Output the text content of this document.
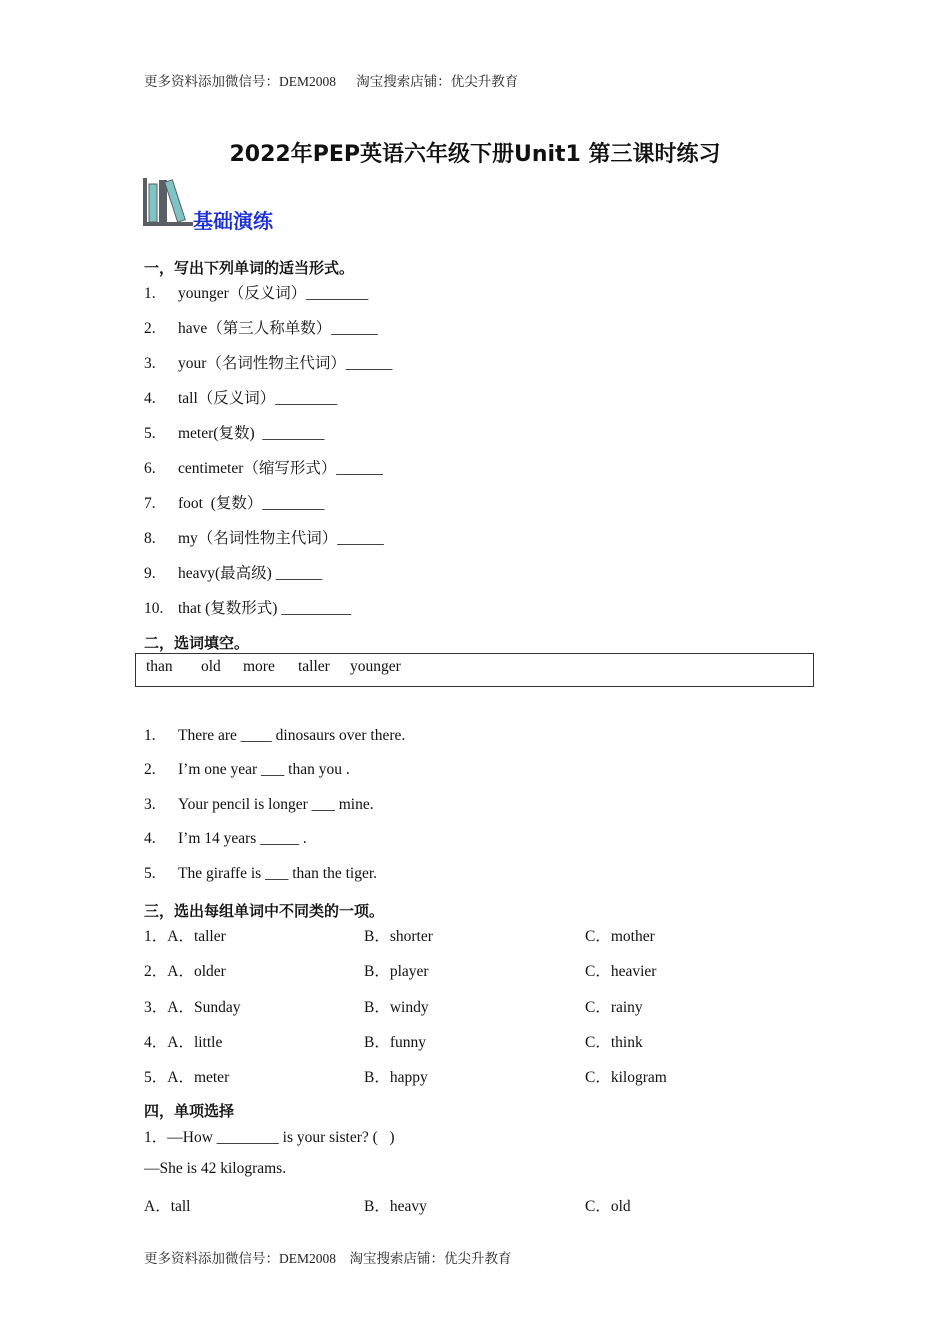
更多资料添加微信号：DEM2008      淘宝搜索店铺：优尖升教育
2022年PEP英语六年级下册Unit1 第三课时练习
基础演练
一，写出下列单词的适当形式。
1. younger（反义词）________
2. have（第三人称单数）______
3. your（名词性物主代词）______
4. tall（反义词）________
5. meter(复数)  ________
6. centimeter（缩写形式）______
7. foot  (复数）________
8. my（名词性物主代词）______
9. heavy(最高级) ______
10. that (复数形式) _________
二，选词填空。
than old more taller younger
1. There are ____ dinosaurs over there.
2. I’m one year ___ than you .
3. Your pencil is longer ___ mine.
4. I’m 14 years _____ .
5. The giraffe is ___ than the tiger.
三，选出每组单词中不同类的一项。
1．A．taller	B．shorter	C．mother
2．A．older	B．player	C．heavier
3．A．Sunday	B．windy	C．rainy
4．A．little	B．funny	C．think
5．A．meter	B．happy	C．kilogram
四，单项选择
1．—How ________ is your sister? (   )
—She is 42 kilograms.
A．tall	B．heavy	C．old
更多资料添加微信号：DEM2008    淘宝搜索店铺：优尖升教育
